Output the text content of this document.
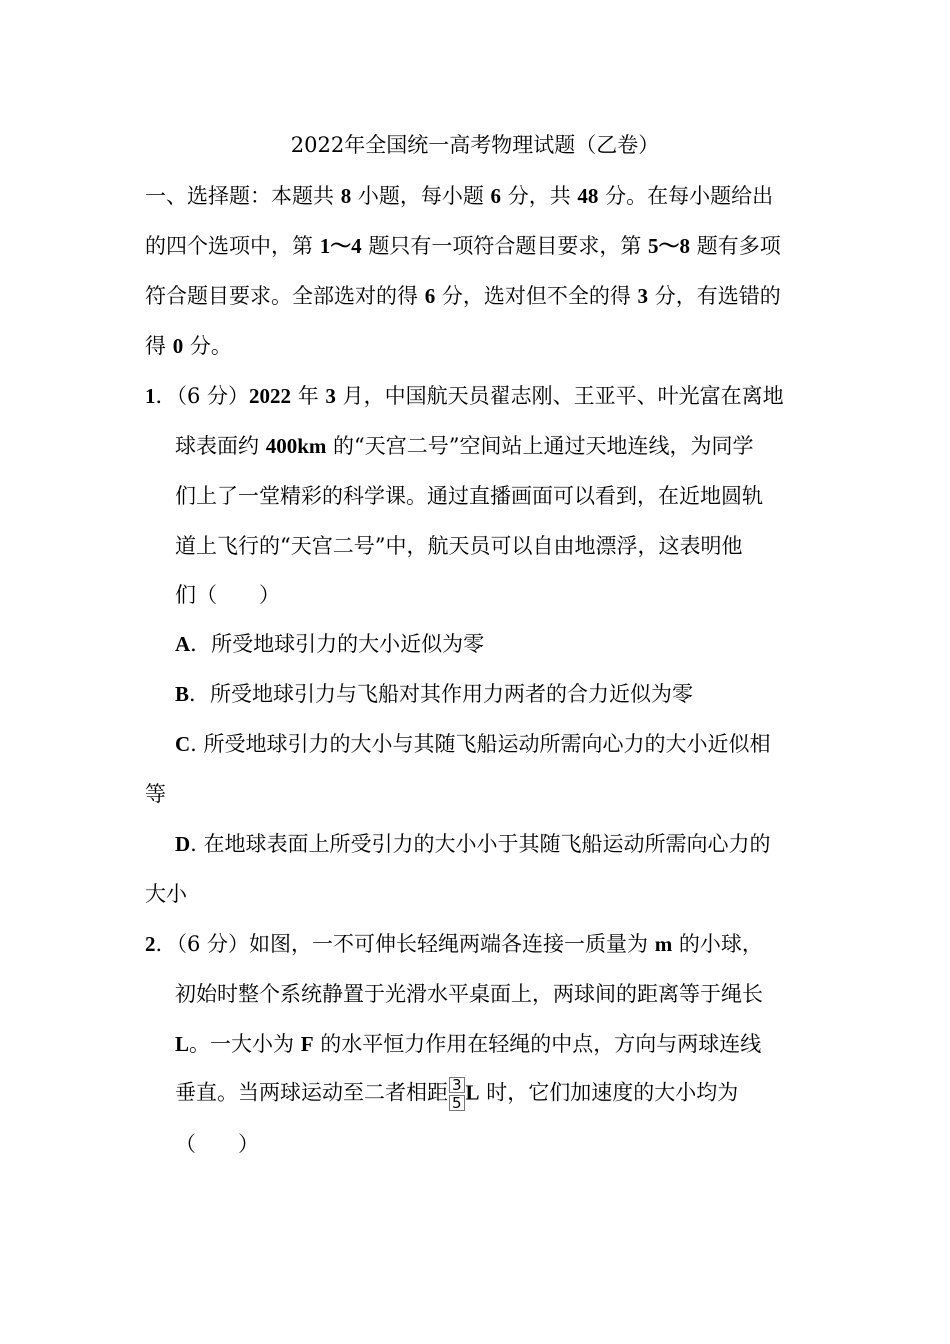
2022年全国统一高考物理试题（乙卷）
一、选择题：本题共 8 小题，每小题 6 分，共 48 分。在每小题给出
的四个选项中，第 1～4 题只有一项符合题目要求，第 5～8 题有多项
符合题目要求。全部选对的得 6 分，选对但不全的得 3 分，有选错的
得 0 分。
1．（6 分）2022 年 3 月，中国航天员翟志刚、王亚平、叶光富在离地
球表面约 400km 的“天宫二号”空间站上通过天地连线，为同学
们上了一堂精彩的科学课。通过直播画面可以看到，在近地圆轨
道上飞行的“天宫二号”中，航天员可以自由地漂浮，这表明他
们（　　）
A．所受地球引力的大小近似为零
B．所受地球引力与飞船对其作用力两者的合力近似为零
C. 所受地球引力的大小与其随飞船运动所需向心力的大小近似相
等
D. 在地球表面上所受引力的大小小于其随飞船运动所需向心力的
大小
2．（6 分）如图，一不可伸长轻绳两端各连接一质量为 m 的小球，
初始时整个系统静置于光滑水平桌面上，两球间的距离等于绳长
L。一大小为 F 的水平恒力作用在轻绳的中点，方向与两球连线
垂直。当两球运动至二者相距 $\frac{3}{5}$ L 时，它们加速度的大小均为
（　　）
